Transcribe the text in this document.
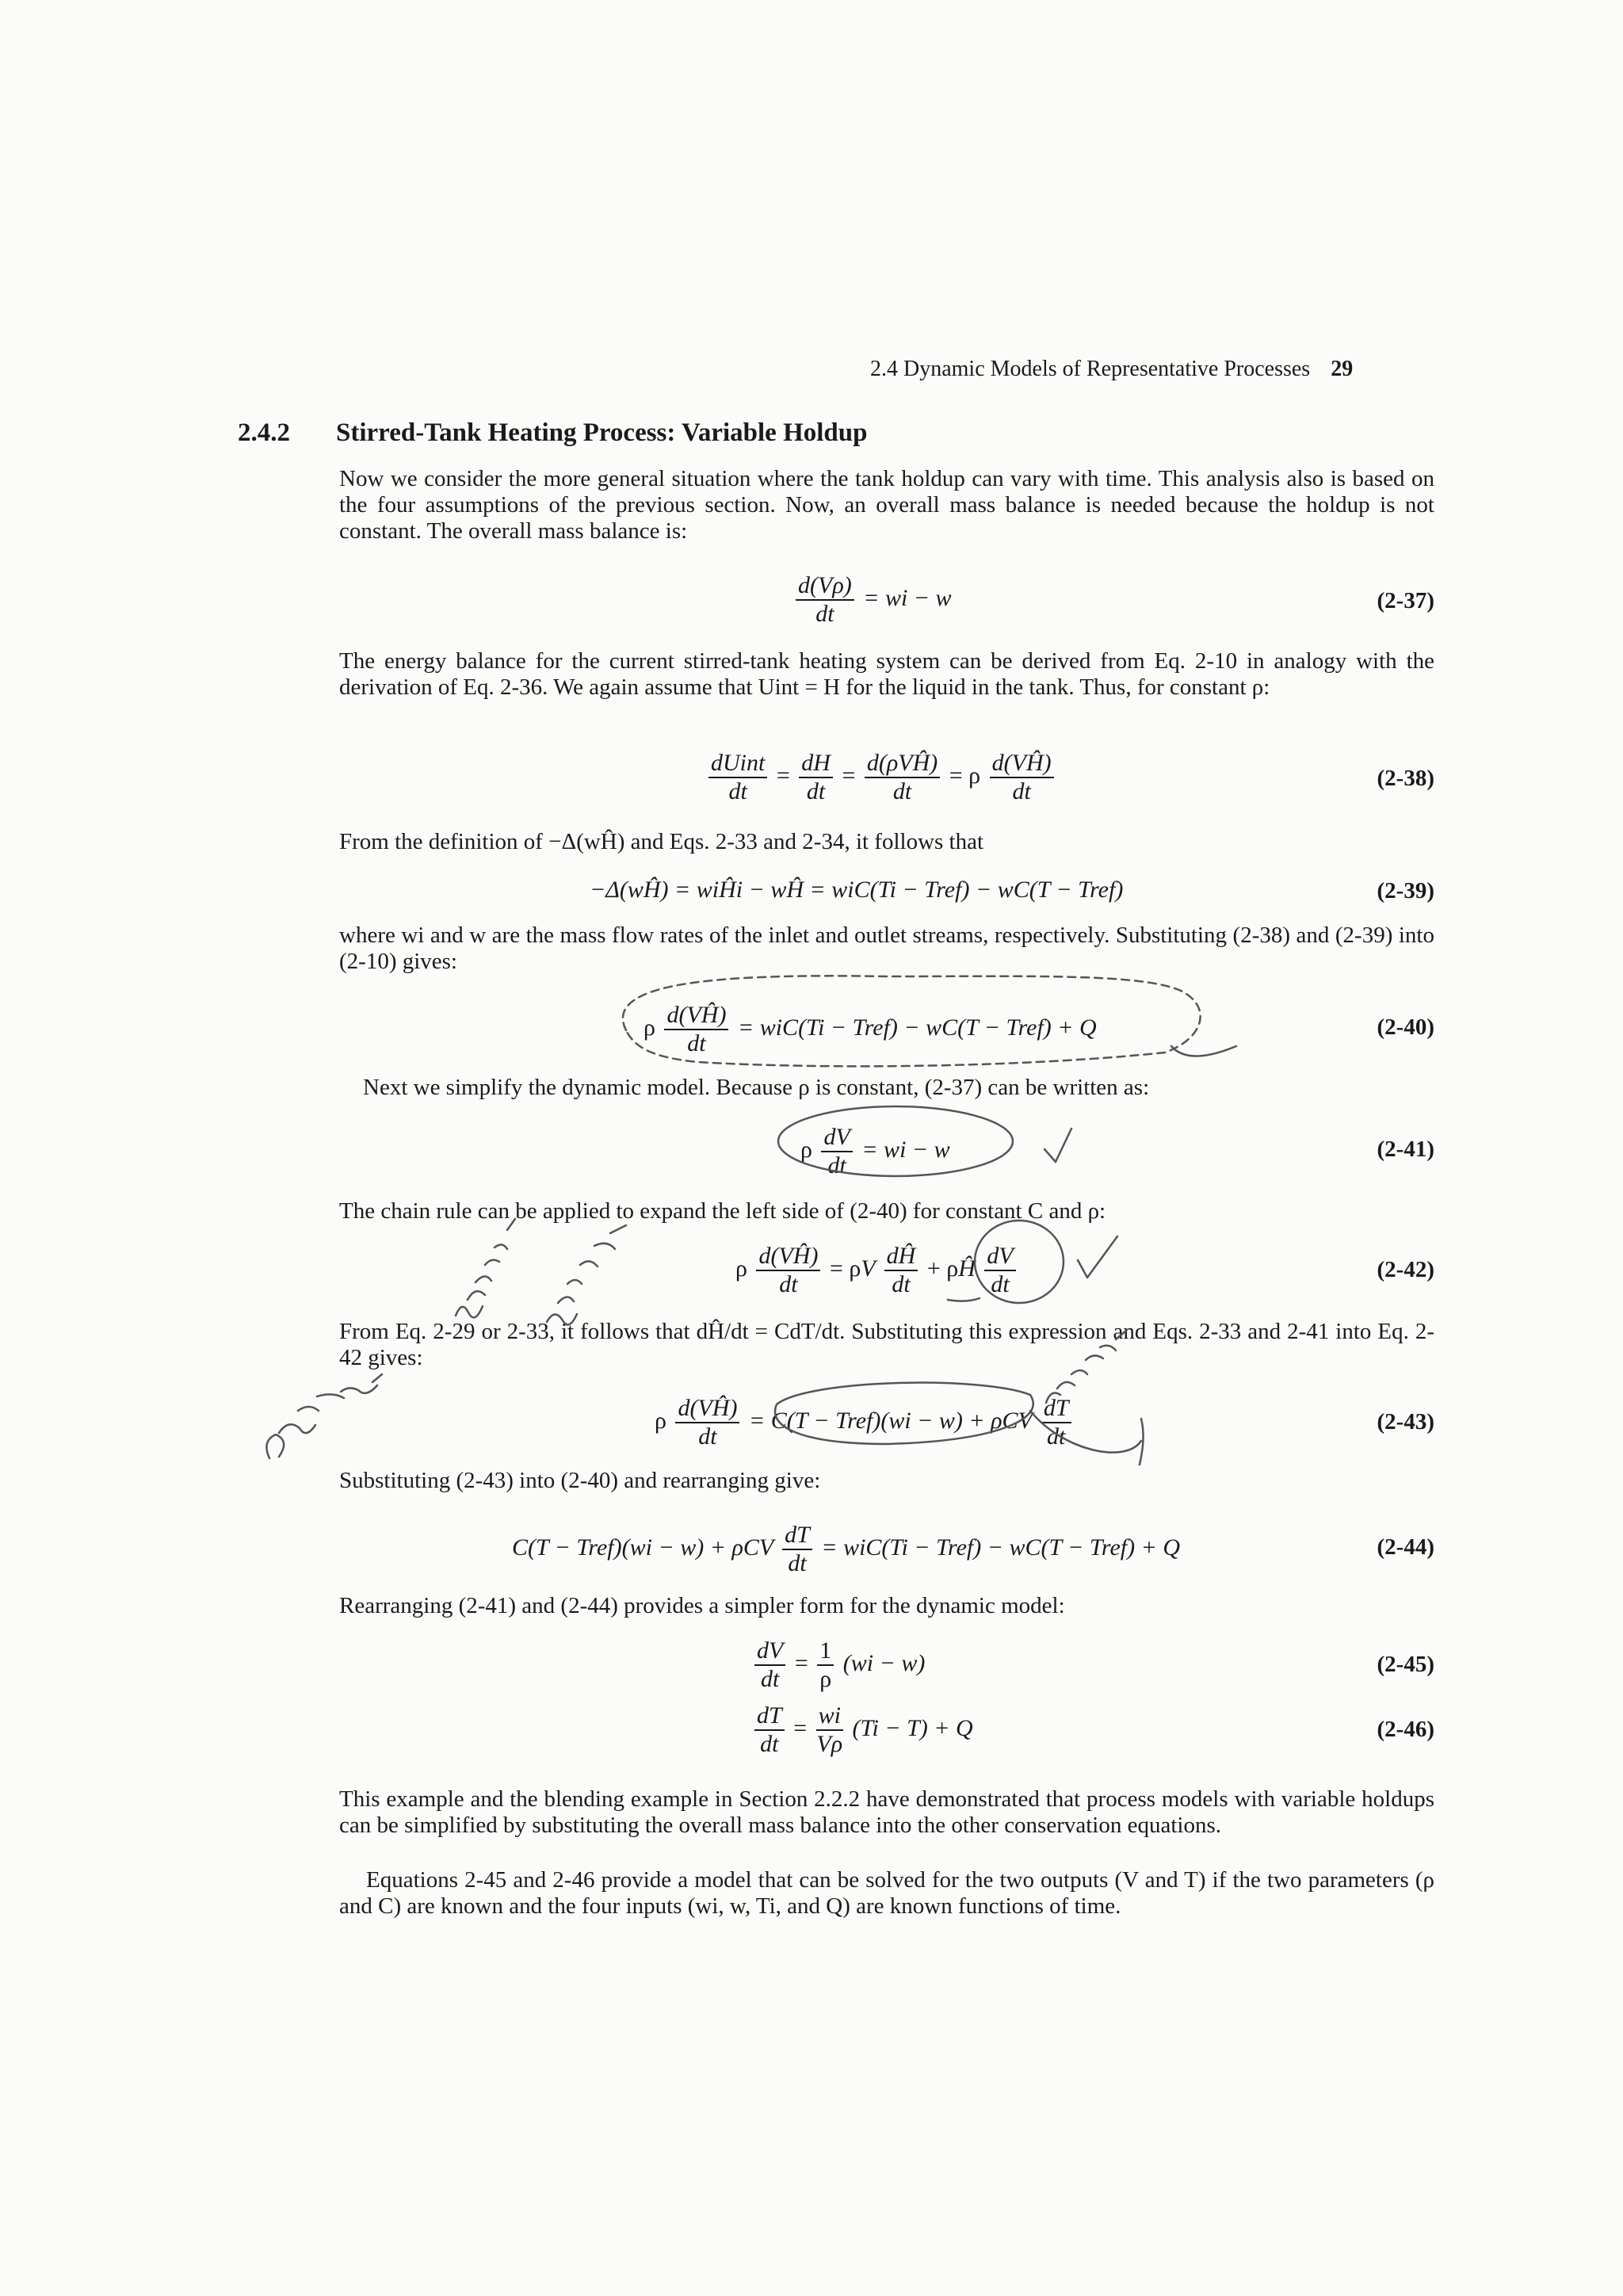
2.4 Dynamic Models of Representative Processes 29
2.4.2 Stirred-Tank Heating Process: Variable Holdup

Now we consider the more general situation where the tank holdup can vary with time. This analysis also is based on the four assumptions of the previous section. Now, an overall mass balance is needed because the holdup is not constant. The overall mass balance is:

$\frac{d(V\rho)}{dt}$ = wi − w	(2-37)

The energy balance for the current stirred-tank heating system can be derived from Eq. 2-10 in analogy with the derivation of Eq. 2-36. We again assume that Uint = H for the liquid in the tank. Thus, for constant ρ:

$\frac{\text{dUint}}{dt} = \frac{dH}{dt} = \frac{\text{d(ρVĤ)}}{dt} = \rho \frac{d(VĤ)}{dt}$	(2-38)

From the definition of −Δ(wĤ) and Eqs. 2-33 and 2-34, it follows that

−Δ(wĤ) = wiĤi − wĤ = wiC(Ti − Tref) − wC(T − Tref)	(2-39)

where wi and w are the mass flow rates of the inlet and outlet streams, respectively. Substituting (2-38) and (2-39) into (2-10) gives:

ρ $\frac{d(VĤ)}{dt} = wiC(Ti$ − Tref) − wC(T − Tref) + Q	(2-40)

Next we simplify the dynamic model. Because ρ is constant, (2-37) can be written as:

ρ $\frac{dV}{dt}$ = wi − w	(2-41)

The chain rule can be applied to expand the left side of (2-40) for constant C and ρ:

ρ $\frac{d(VĤ)}{dt} = \rho V \frac{dĤ}{dt}$ + ρĤ $\frac{dV}{dt}$	(2-42)

From Eq. 2-29 or 2-33, it follows that dĤ/dt = CdT/dt. Substituting this expression and Eqs. 2-33 and 2-41 into Eq. 2-42 gives:

ρ $\frac{d(VĤ)}{dt} = C(T$ − Tref)(wi − w) + ρCV $\frac{dT}{dt}$	(2-43)

Substituting (2-43) into (2-40) and rearranging give:

C(T − Tref)(wi − w) + ρCV $\frac{dT}{dt} = wiC(Ti$ − Tref) − wC(T − Tref) + Q	(2-44)

Rearranging (2-41) and (2-44) provides a simpler form for the dynamic model:

$\frac{dV}{dt} = \frac{1}{\rho} (wi - w)$	(2-45)
$\frac{dT}{dt} = \frac{wi}{V\rho} (Ti - T) + Q$	(2-46)

This example and the blending example in Section 2.2.2 have demonstrated that process models with variable holdups can be simplified by substituting the overall mass balance into the other conservation equations.

Equations 2-45 and 2-46 provide a model that can be solved for the two outputs (V and T) if the two parameters (ρ and C) are known and the four inputs (wi, w, Ti, and Q) are known functions of time.
